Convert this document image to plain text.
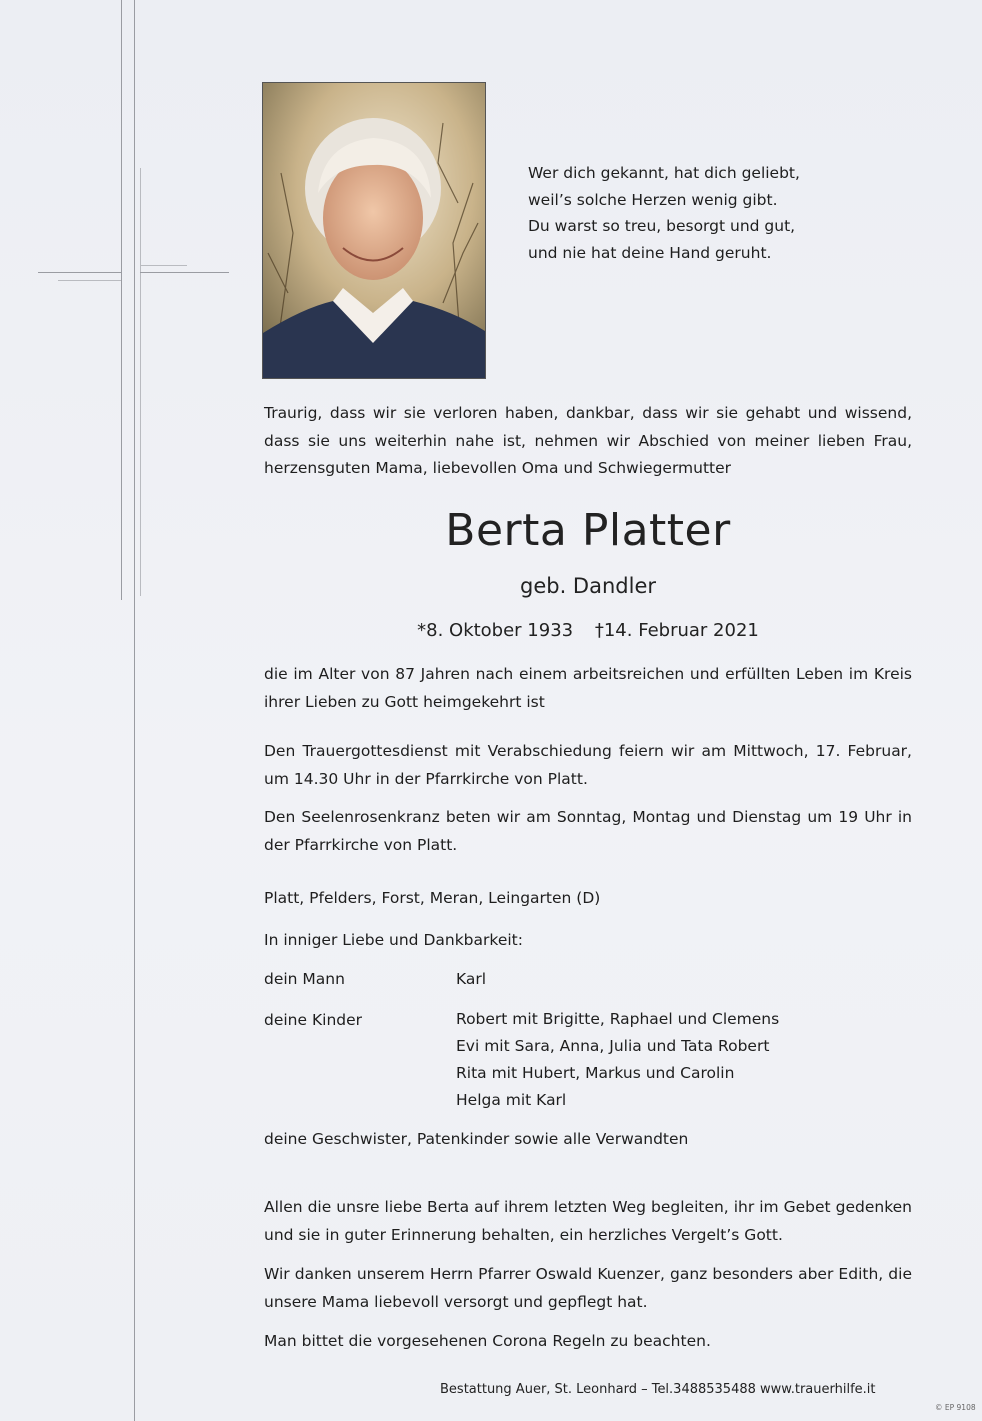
Wer dich gekannt, hat dich geliebt,
weil’s solche Herzen wenig gibt.
Du warst so treu, besorgt und gut,
und nie hat deine Hand geruht.
Traurig, dass wir sie verloren haben, dankbar, dass wir sie gehabt und wissend, dass sie uns weiterhin nahe ist, nehmen wir Abschied von meiner lieben Frau, herzensguten Mama, liebevollen Oma und Schwiegermutter
Berta Platter
geb. Dandler
*8. Oktober 1933 †14. Februar 2021
die im Alter von 87 Jahren nach einem arbeitsreichen und erfüllten Leben im Kreis ihrer Lieben zu Gott heimgekehrt ist
Den Trauergottesdienst mit Verabschiedung feiern wir am Mittwoch, 17. Februar, um 14.30 Uhr in der Pfarrkirche von Platt.
Den Seelenrosenkranz beten wir am Sonntag, Montag und Dienstag um 19 Uhr in der Pfarrkirche von Platt.
Platt, Pfelders, Forst, Meran, Leingarten (D)
In inniger Liebe und Dankbarkeit:
dein Mann	Karl
deine Kinder	Robert mit Brigitte, Raphael und Clemens
Evi mit Sara, Anna, Julia und Tata Robert
Rita mit Hubert, Markus und Carolin
Helga mit Karl
deine Geschwister, Patenkinder sowie alle Verwandten
Allen die unsre liebe Berta auf ihrem letzten Weg begleiten, ihr im Gebet gedenken und sie in guter Erinnerung behalten, ein herzliches Vergelt’s Gott.
Wir danken unserem Herrn Pfarrer Oswald Kuenzer, ganz besonders aber Edith, die unsere Mama liebevoll versorgt und gepflegt hat.
Man bittet die vorgesehenen Corona Regeln zu beachten.
Bestattung Auer, St. Leonhard – Tel.3488535488 www.trauerhilfe.it
© EP 9108
